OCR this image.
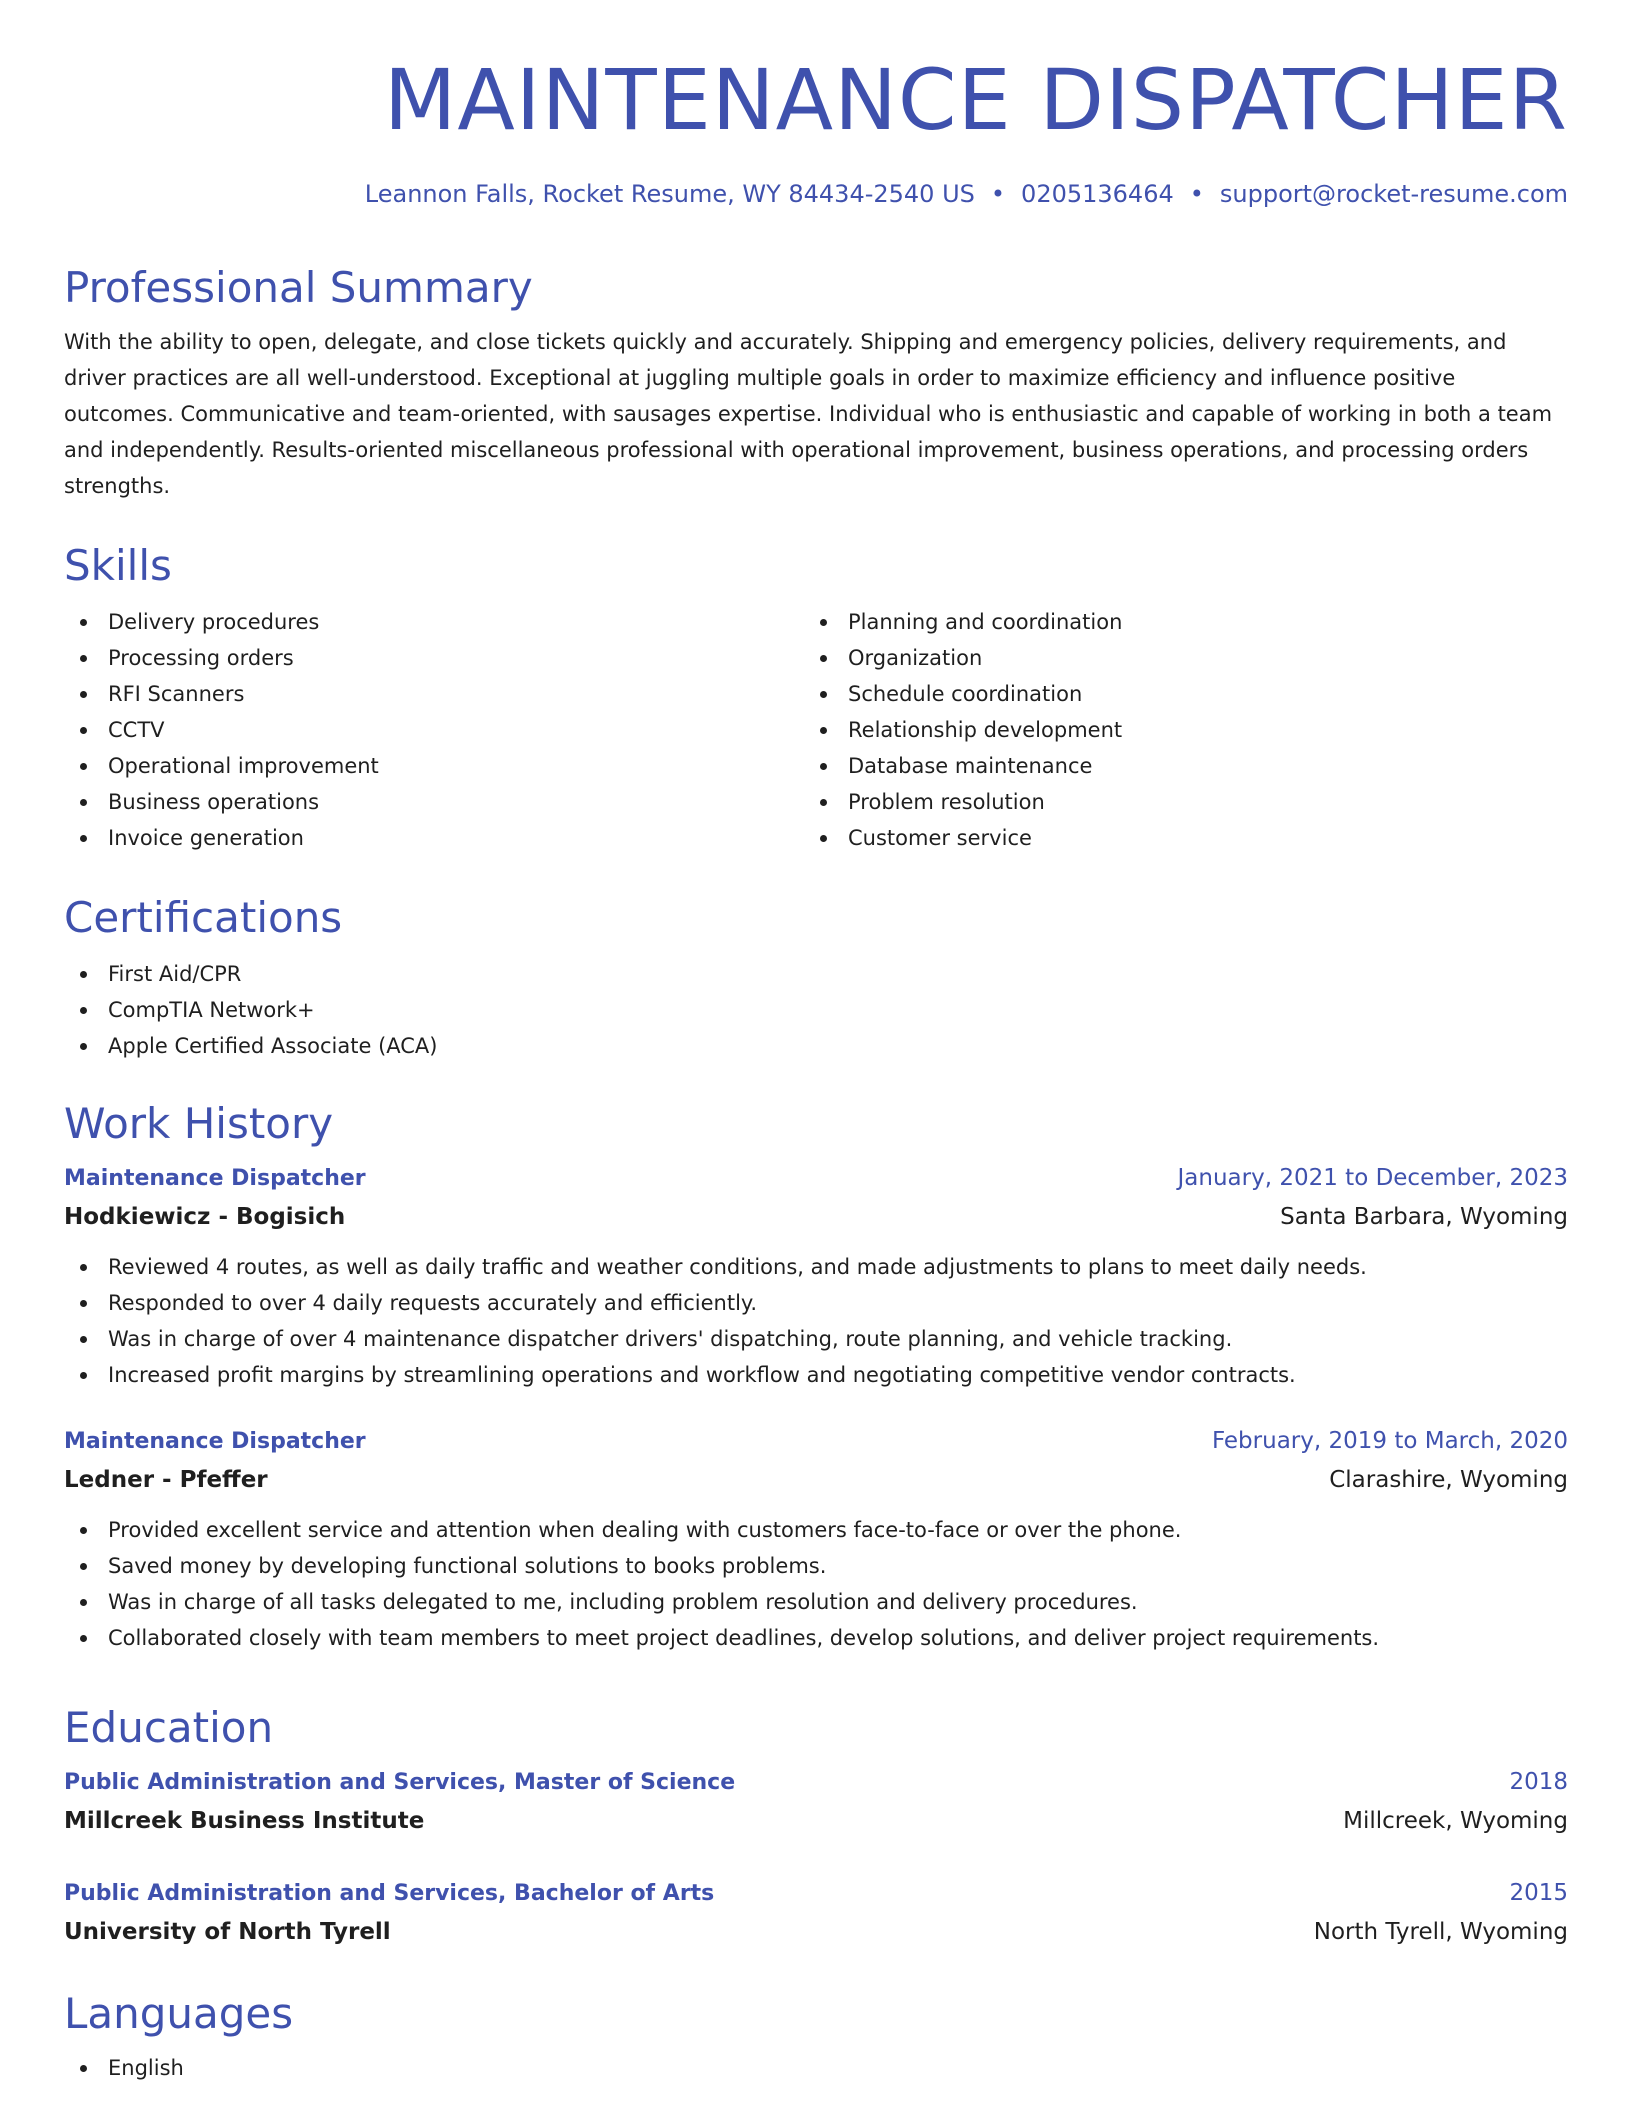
MAINTENANCE DISPATCHER
Leannon Falls, Rocket Resume, WY 84434-2540 US • 0205136464 • support@rocket-resume.com
Professional Summary

With the ability to open, delegate, and close tickets quickly and accurately. Shipping and emergency policies, delivery requirements, and driver practices are all well-understood. Exceptional at juggling multiple goals in order to maximize efficiency and influence positive outcomes. Communicative and team-oriented, with sausages expertise. Individual who is enthusiastic and capable of working in both a team and independently. Results-oriented miscellaneous professional with operational improvement, business operations, and processing orders strengths.

Skills
Delivery procedures
Processing orders
RFI Scanners
CCTV
Operational improvement
Business operations
Invoice generation
Planning and coordination
Organization
Schedule coordination
Relationship development
Database maintenance
Problem resolution
Customer service
Certifications
First Aid/CPR
CompTIA Network+
Apple Certified Associate (ACA)
Work History
Maintenance Dispatcher	January, 2021 to December, 2023
Hodkiewicz - Bogisich	Santa Barbara, Wyoming
Reviewed 4 routes, as well as daily traffic and weather conditions, and made adjustments to plans to meet daily needs.
Responded to over 4 daily requests accurately and efficiently.
Was in charge of over 4 maintenance dispatcher drivers' dispatching, route planning, and vehicle tracking.
Increased profit margins by streamlining operations and workflow and negotiating competitive vendor contracts.
Maintenance Dispatcher	February, 2019 to March, 2020
Ledner - Pfeffer	Clarashire, Wyoming
Provided excellent service and attention when dealing with customers face-to-face or over the phone.
Saved money by developing functional solutions to books problems.
Was in charge of all tasks delegated to me, including problem resolution and delivery procedures.
Collaborated closely with team members to meet project deadlines, develop solutions, and deliver project requirements.
Education
Public Administration and Services, Master of Science	2018
Millcreek Business Institute	Millcreek, Wyoming
Public Administration and Services, Bachelor of Arts	2015
University of North Tyrell	North Tyrell, Wyoming
Languages
English
